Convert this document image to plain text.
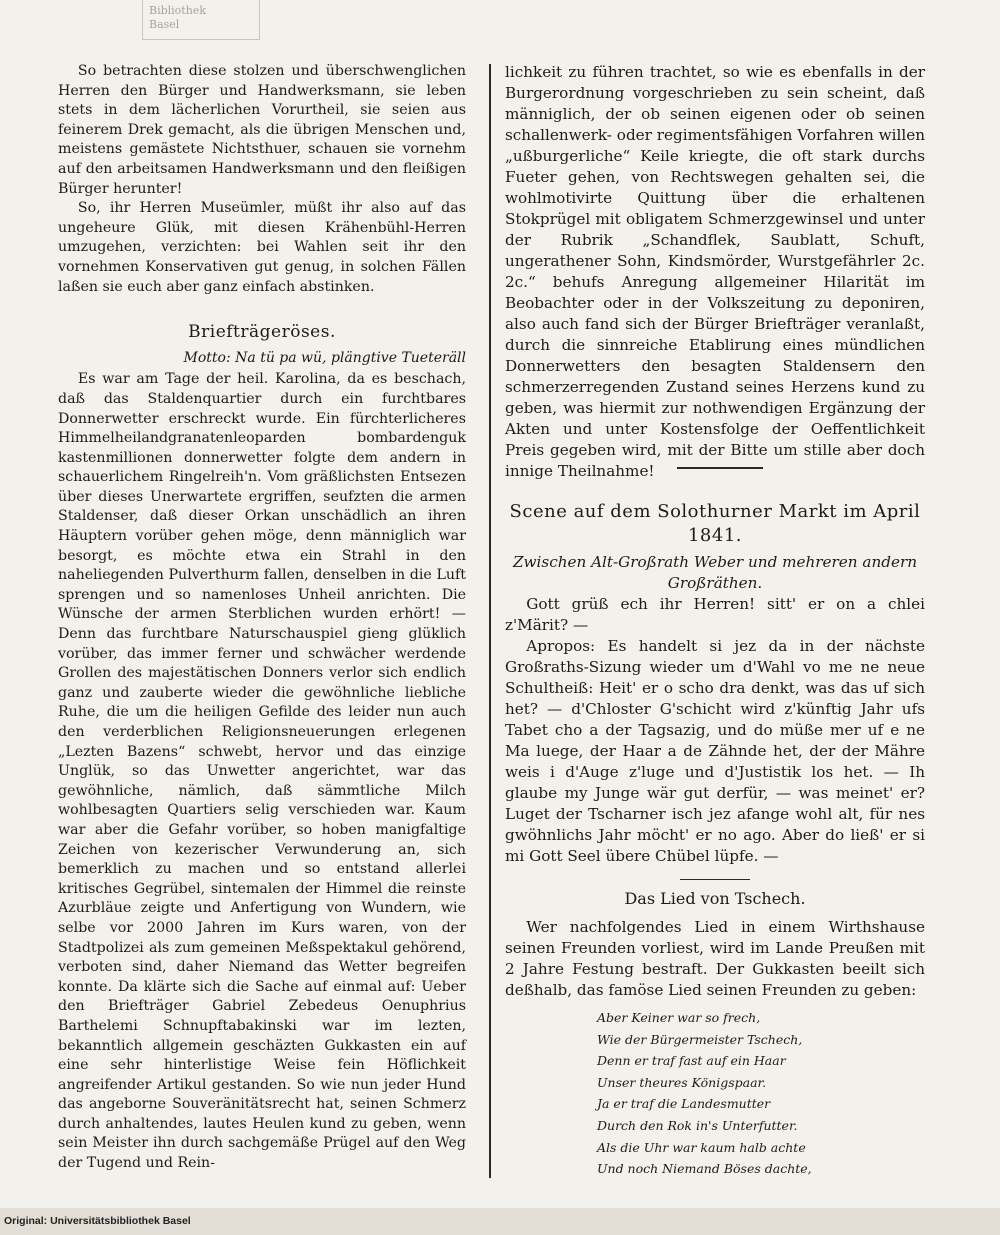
Bibliothek
Basel

So betrachten diese stolzen und überschwenglichen Herren den Bürger und Handwerksmann, sie leben stets in dem lächerlichen Vorurtheil, sie seien aus feinerem Drek gemacht, als die übrigen Menschen und, meistens gemästete Nichtsthuer, schauen sie vornehm auf den arbeitsamen Handwerksmann und den fleißigen Bürger herunter!

So, ihr Herren Museümler, müßt ihr also auf das ungeheure Glük, mit diesen Krähenbühl-Herren umzugehen, verzichten: bei Wahlen seit ihr den vornehmen Konservativen gut genug, in solchen Fällen laßen sie euch aber ganz einfach abstinken.

Briefträgeröses.
Motto: Na tü pa wü, plängtive Tueteräll

Es war am Tage der heil. Karolina, da es beschach, daß das Staldenquartier durch ein furchtbares Donnerwetter erschreckt wurde. Ein fürchterlicheres Himmelheilandgranatenleoparden bombardenguk kastenmillionen donnerwetter folgte dem andern in schauerlichem Ringelreih'n. Vom gräßlichsten Entsezen über dieses Unerwartete ergriffen, seufzten die armen Staldenser, daß dieser Orkan unschädlich an ihren Häuptern vorüber gehen möge, denn männiglich war besorgt, es möchte etwa ein Strahl in den naheliegenden Pulverthurm fallen, denselben in die Luft sprengen und so namenloses Unheil anrichten. Die Wünsche der armen Sterblichen wurden erhört! — Denn das furchtbare Naturschauspiel gieng glüklich vorüber, das immer ferner und schwächer werdende Grollen des majestätischen Donners verlor sich endlich ganz und zauberte wieder die gewöhnliche liebliche Ruhe, die um die heiligen Gefilde des leider nun auch den verderblichen Religionsneuerungen erlegenen „Lezten Bazens“ schwebt, hervor und das einzige Unglük, so das Unwetter angerichtet, war das gewöhnliche, nämlich, daß sämmtliche Milch wohlbesagten Quartiers selig verschieden war. Kaum war aber die Gefahr vorüber, so hoben manigfaltige Zeichen von kezerischer Verwunderung an, sich bemerklich zu machen und so entstand allerlei kritisches Gegrübel, sintemalen der Himmel die reinste Azurbläue zeigte und Anfertigung von Wundern, wie selbe vor 2000 Jahren im Kurs waren, von der Stadtpolizei als zum gemeinen Meßspektakul gehörend, verboten sind, daher Niemand das Wetter begreifen konnte. Da klärte sich die Sache auf einmal auf: Ueber den Briefträger Gabriel Zebedeus Oenuphrius Barthelemi Schnupftabakinski war im lezten, bekanntlich allgemein geschäzten Gukkasten ein auf eine sehr hinterlistige Weise fein Höflichkeit angreifender Artikul gestanden. So wie nun jeder Hund das angeborne Souveränitätsrecht hat, seinen Schmerz durch anhaltendes, lautes Heulen kund zu geben, wenn sein Meister ihn durch sachgemäße Prügel auf den Weg der Tugend und Rein-

lichkeit zu führen trachtet, so wie es ebenfalls in der Burgerordnung vorgeschrieben zu sein scheint, daß männiglich, der ob seinen eigenen oder ob seinen schallenwerk- oder regimentsfähigen Vorfahren willen „ußburgerliche“ Keile kriegte, die oft stark durchs Fueter gehen, von Rechtswegen gehalten sei, die wohlmotivirte Quittung über die erhaltenen Stokprügel mit obligatem Schmerzgewinsel und unter der Rubrik „Schandflek, Saublatt, Schuft, ungerathener Sohn, Kindsmörder, Wurstgefährler 2c. 2c.“ behufs Anregung allgemeiner Hilarität im Beobachter oder in der Volkszeitung zu deponiren, also auch fand sich der Bürger Briefträger veranlaßt, durch die sinnreiche Etablirung eines mündlichen Donnerwetters den besagten Staldensern den schmerzerregenden Zustand seines Herzens kund zu geben, was hiermit zur nothwendigen Ergänzung der Akten und unter Kostensfolge der Oeffentlichkeit Preis gegeben wird, mit der Bitte um stille aber doch innige Theilnahme!

Scene auf dem Solothurner Markt im April 1841.
Zwischen Alt-Großrath Weber und mehreren andern Großräthen.

Gott grüß ech ihr Herren! sitt' er on a chlei z'Märit? —

Apropos: Es handelt si jez da in der nächste Großraths-Sizung wieder um d'Wahl vo me ne neue Schultheiß: Heit' er o scho dra denkt, was das uf sich het? — d'Chloster G'schicht wird z'künftig Jahr ufs Tabet cho a der Tagsazig, und do müße mer uf e ne Ma luege, der Haar a de Zähnde het, der der Mähre weis i d'Auge z'luge und d'Justistik los het. — Ih glaube my Junge wär gut derfür, — was meinet' er? Luget der Tscharner isch jez afange wohl alt, für nes gwöhnlichs Jahr möcht' er no ago. Aber do ließ' er si mi Gott Seel übere Chübel lüpfe. —

Das Lied von Tschech.

Wer nachfolgendes Lied in einem Wirthshause seinen Freunden vorliest, wird im Lande Preußen mit 2 Jahre Festung bestraft. Der Gukkasten beeilt sich deßhalb, das famöse Lied seinen Freunden zu geben:

Aber Keiner war so frech,
Wie der Bürgermeister Tschech,
Denn er traf fast auf ein Haar
Unser theures Königspaar.
Ja er traf die Landesmutter
Durch den Rok in's Unterfutter.
Als die Uhr war kaum halb achte
Und noch Niemand Böses dachte,
Original: Universitätsbibliothek Basel
